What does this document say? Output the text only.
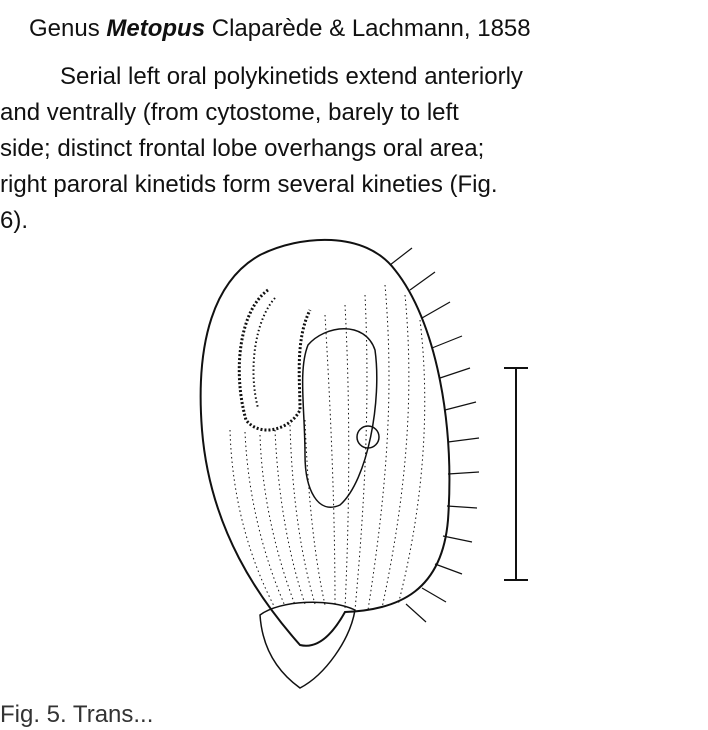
Genus Metopus Claparède & Lachmann, 1858
Serial left oral polykinetids extend anteriorly
and ventrally (from cytostome, barely to left
side; distinct frontal lobe overhangs oral area;
right paroral kinetids form several kineties (Fig.
6).
Fig. 5. Trans...
